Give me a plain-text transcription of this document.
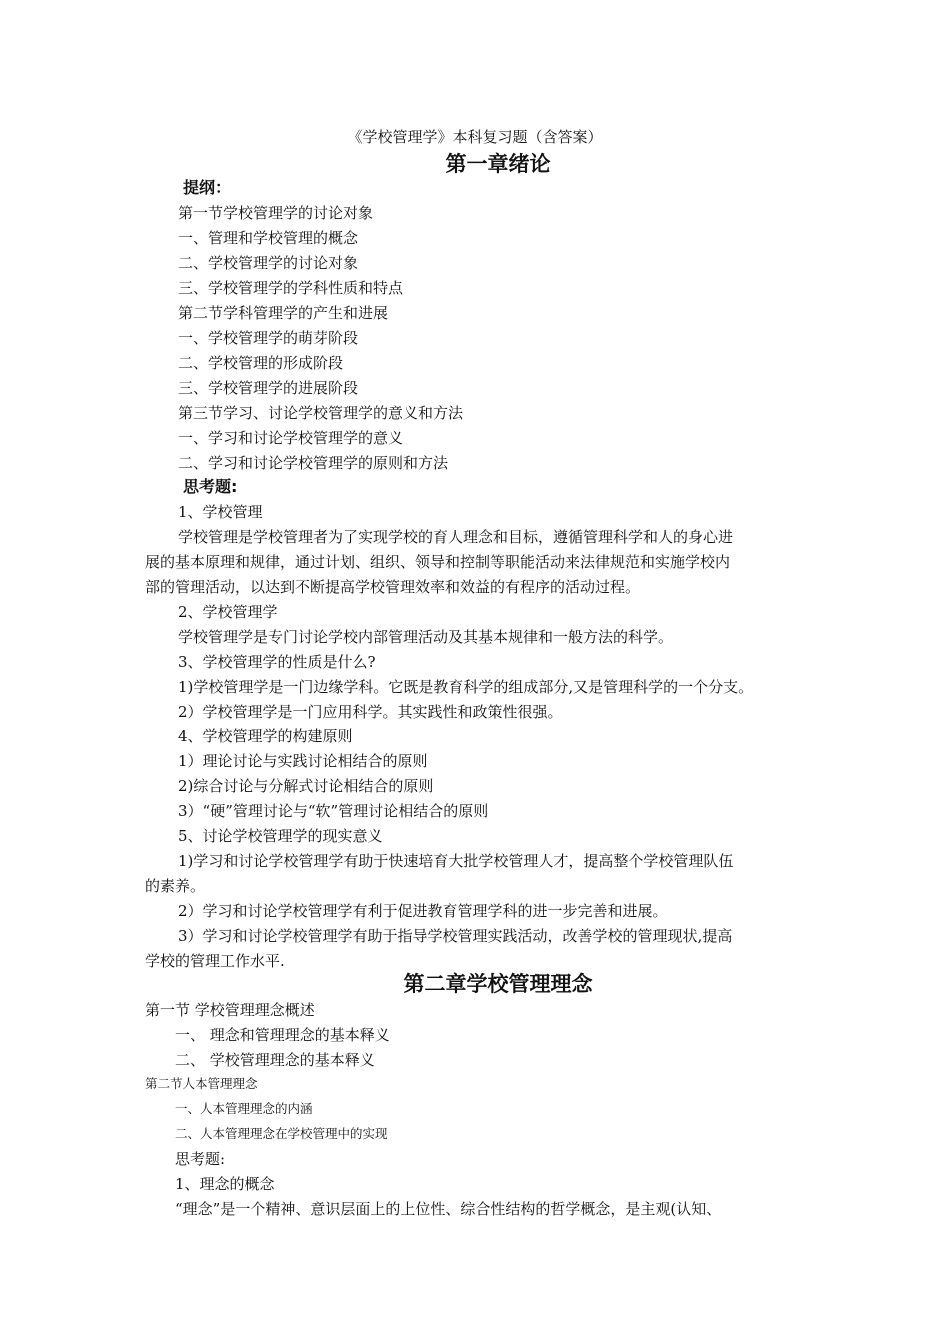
《学校管理学》本科复习题（含答案）
第一章绪论
提纲：
第一节学校管理学的讨论对象
一、管理和学校管理的概念
二、学校管理学的讨论对象
三、学校管理学的学科性质和特点
第二节学科管理学的产生和进展
一、学校管理学的萌芽阶段
二、学校管理的形成阶段
三、学校管理学的进展阶段
第三节学习、讨论学校管理学的意义和方法
一、学习和讨论学校管理学的意义
二、学习和讨论学校管理学的原则和方法
思考题:
1、学校管理
学校管理是学校管理者为了实现学校的育人理念和目标，遵循管理科学和人的身心进
展的基本原理和规律，通过计划、组织、领导和控制等职能活动来法律规范和实施学校内
部的管理活动，以达到不断提高学校管理效率和效益的有程序的活动过程。
2、学校管理学
学校管理学是专门讨论学校内部管理活动及其基本规律和一般方法的科学。
3、学校管理学的性质是什么?
1)学校管理学是一门边缘学科。它既是教育科学的组成部分,又是管理科学的一个分支。
2）学校管理学是一门应用科学。其实践性和政策性很强。
4、学校管理学的构建原则
1）理论讨论与实践讨论相结合的原则
2)综合讨论与分解式讨论相结合的原则
3）“硬”管理讨论与“软”管理讨论相结合的原则
5、讨论学校管理学的现实意义
1)学习和讨论学校管理学有助于快速培育大批学校管理人才，提高整个学校管理队伍
的素养。
2）学习和讨论学校管理学有利于促进教育管理学科的进一步完善和进展。
3）学习和讨论学校管理学有助于指导学校管理实践活动，改善学校的管理现状,提高
学校的管理工作水平.
第二章学校管理理念
第一节 学校管理理念概述
一、 理念和管理理念的基本释义
二、 学校管理理念的基本释义
第二节人本管理理念
一、人本管理理念的内涵
二、人本管理理念在学校管理中的实现
思考题:
1、理念的概念
“理念”是一个精神、意识层面上的上位性、综合性结构的哲学概念，是主观(认知、
